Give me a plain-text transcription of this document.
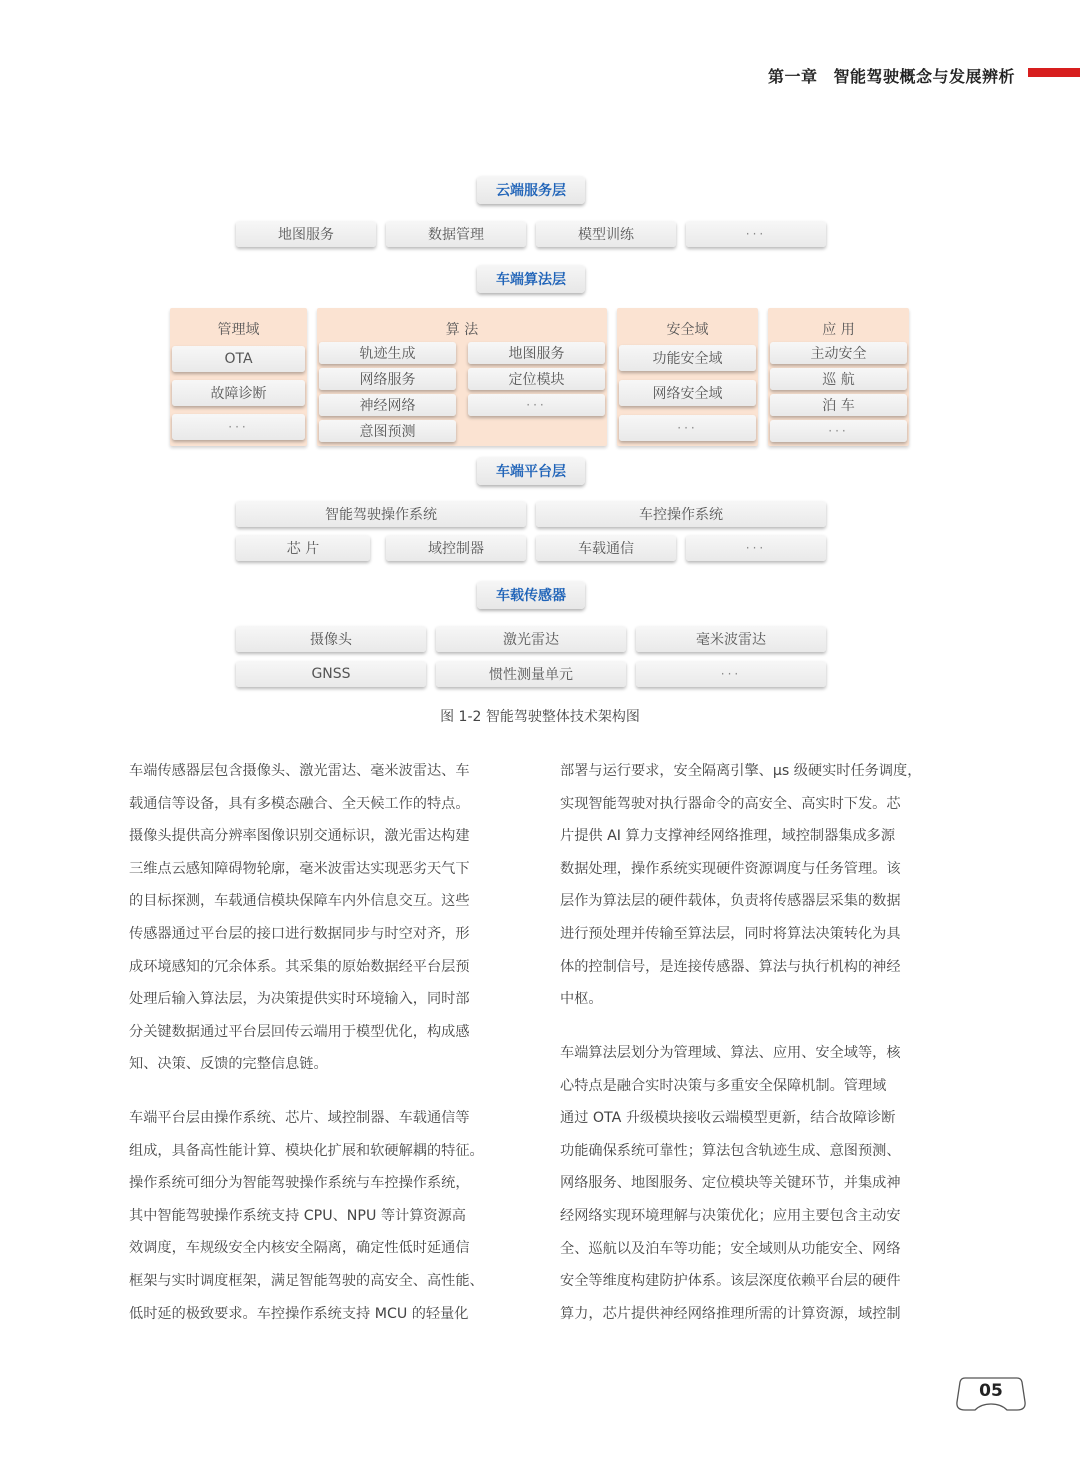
第一章 智能驾驶概念与发展辨析
云端服务层
地图服务	数据管理	模型训练	···
车端算法层
管理域
OTA
故障诊断
···
算 法
轨迹生成
网络服务
神经网络
意图预测
地图服务
定位模块
···
安全域
功能安全域
网络安全域
···
应 用
主动安全
巡 航
泊 车
···
车端平台层
智能驾驶操作系统	车控操作系统
芯 片	域控制器	车载通信	···
车载传感器
摄像头	激光雷达	毫米波雷达
GNSS	惯性测量单元	···
图 1-2 智能驾驶整体技术架构图

车端传感器层包含摄像头、激光雷达、毫米波雷达、车

载通信等设备，具有多模态融合、全天候工作的特点。

摄像头提供高分辨率图像识别交通标识，激光雷达构建

三维点云感知障碍物轮廓，毫米波雷达实现恶劣天气下

的目标探测，车载通信模块保障车内外信息交互。这些

传感器通过平台层的接口进行数据同步与时空对齐，形

成环境感知的冗余体系。其采集的原始数据经平台层预

处理后输入算法层，为决策提供实时环境输入，同时部

分关键数据通过平台层回传云端用于模型优化，构成感

知、决策、反馈的完整信息链。

车端平台层由操作系统、芯片、域控制器、车载通信等

组成，具备高性能计算、模块化扩展和软硬解耦的特征。

操作系统可细分为智能驾驶操作系统与车控操作系统，

其中智能驾驶操作系统支持 CPU、NPU 等计算资源高

效调度，车规级安全内核安全隔离，确定性低时延通信

框架与实时调度框架，满足智能驾驶的高安全、高性能、

低时延的极致要求。车控操作系统支持 MCU 的轻量化

部署与运行要求，安全隔离引擎、μs 级硬实时任务调度，

实现智能驾驶对执行器命令的高安全、高实时下发。芯

片提供 AI 算力支撑神经网络推理，域控制器集成多源

数据处理，操作系统实现硬件资源调度与任务管理。该

层作为算法层的硬件载体，负责将传感器层采集的数据

进行预处理并传输至算法层，同时将算法决策转化为具

体的控制信号，是连接传感器、算法与执行机构的神经

中枢。

车端算法层划分为管理域、算法、应用、安全域等，核

心特点是融合实时决策与多重安全保障机制。管理域

通过 OTA 升级模块接收云端模型更新，结合故障诊断

功能确保系统可靠性；算法包含轨迹生成、意图预测、

网络服务、地图服务、定位模块等关键环节，并集成神

经网络实现环境理解与决策优化；应用主要包含主动安

全、巡航以及泊车等功能；安全域则从功能安全、网络

安全等维度构建防护体系。该层深度依赖平台层的硬件

算力，芯片提供神经网络推理所需的计算资源，域控制

05
